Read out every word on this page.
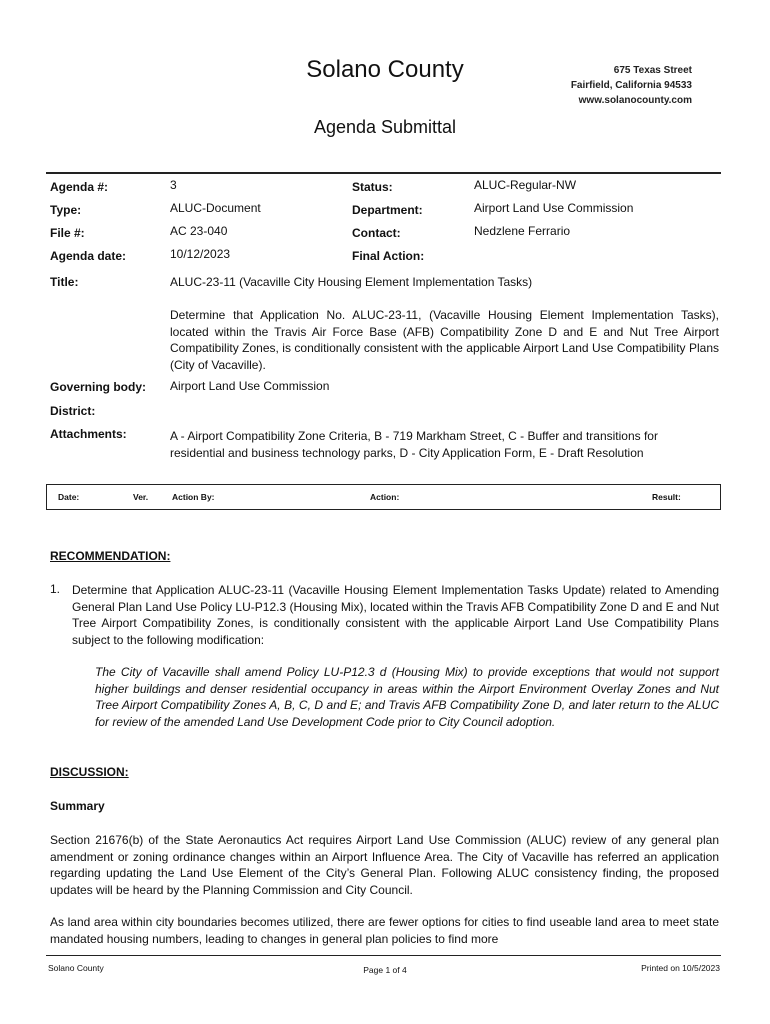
Solano County	675 Texas Street
Fairfield, California 94533
www.solanocounty.com
Agenda Submittal
Agenda #:	3	Status:	ALUC-Regular-NW
Type:	ALUC-Document	Department:	Airport Land Use Commission
File #:	AC 23-040	Contact:	Nedzlene Ferrario
Agenda date:	10/12/2023	Final Action:
Title:	ALUC-23-11 (Vacaville City Housing Element Implementation Tasks)
Determine that Application No. ALUC-23-11, (Vacaville Housing Element Implementation Tasks), located within the Travis Air Force Base (AFB) Compatibility Zone D and E and Nut Tree Airport Compatibility Zones, is conditionally consistent with the applicable Airport Land Use Compatibility Plans (City of Vacaville).
Governing body: Airport Land Use Commission
District:
Attachments:	A - Airport Compatibility Zone Criteria, B - 719 Markham Street, C - Buffer and transitions for residential and business technology parks, D - City Application Form, E - Draft Resolution
Date:	Ver.	Action By:	Action:	Result:
RECOMMENDATION:
1. Determine that Application ALUC-23-11 (Vacaville Housing Element Implementation Tasks Update) related to Amending General Plan Land Use Policy LU-P12.3 (Housing Mix), located within the Travis AFB Compatibility Zone D and E and Nut Tree Airport Compatibility Zones, is conditionally consistent with the applicable Airport Land Use Compatibility Plans subject to the following modification:
The City of Vacaville shall amend Policy LU-P12.3 d (Housing Mix) to provide exceptions that would not support higher buildings and denser residential occupancy in areas within the Airport Environment Overlay Zones and Nut Tree Airport Compatibility Zones A, B, C, D and E; and Travis AFB Compatibility Zone D, and later return to the ALUC for review of the amended Land Use Development Code prior to City Council adoption.
DISCUSSION:
Summary
Section 21676(b) of the State Aeronautics Act requires Airport Land Use Commission (ALUC) review of any general plan amendment or zoning ordinance changes within an Airport Influence Area. The City of Vacaville has referred an application regarding updating the Land Use Element of the City’s General Plan. Following ALUC consistency finding, the proposed updates will be heard by the Planning Commission and City Council.
As land area within city boundaries becomes utilized, there are fewer options for cities to find useable land area to meet state mandated housing numbers, leading to changes in general plan policies to find more
Solano County	Page 1 of 4	Printed on 10/5/2023
